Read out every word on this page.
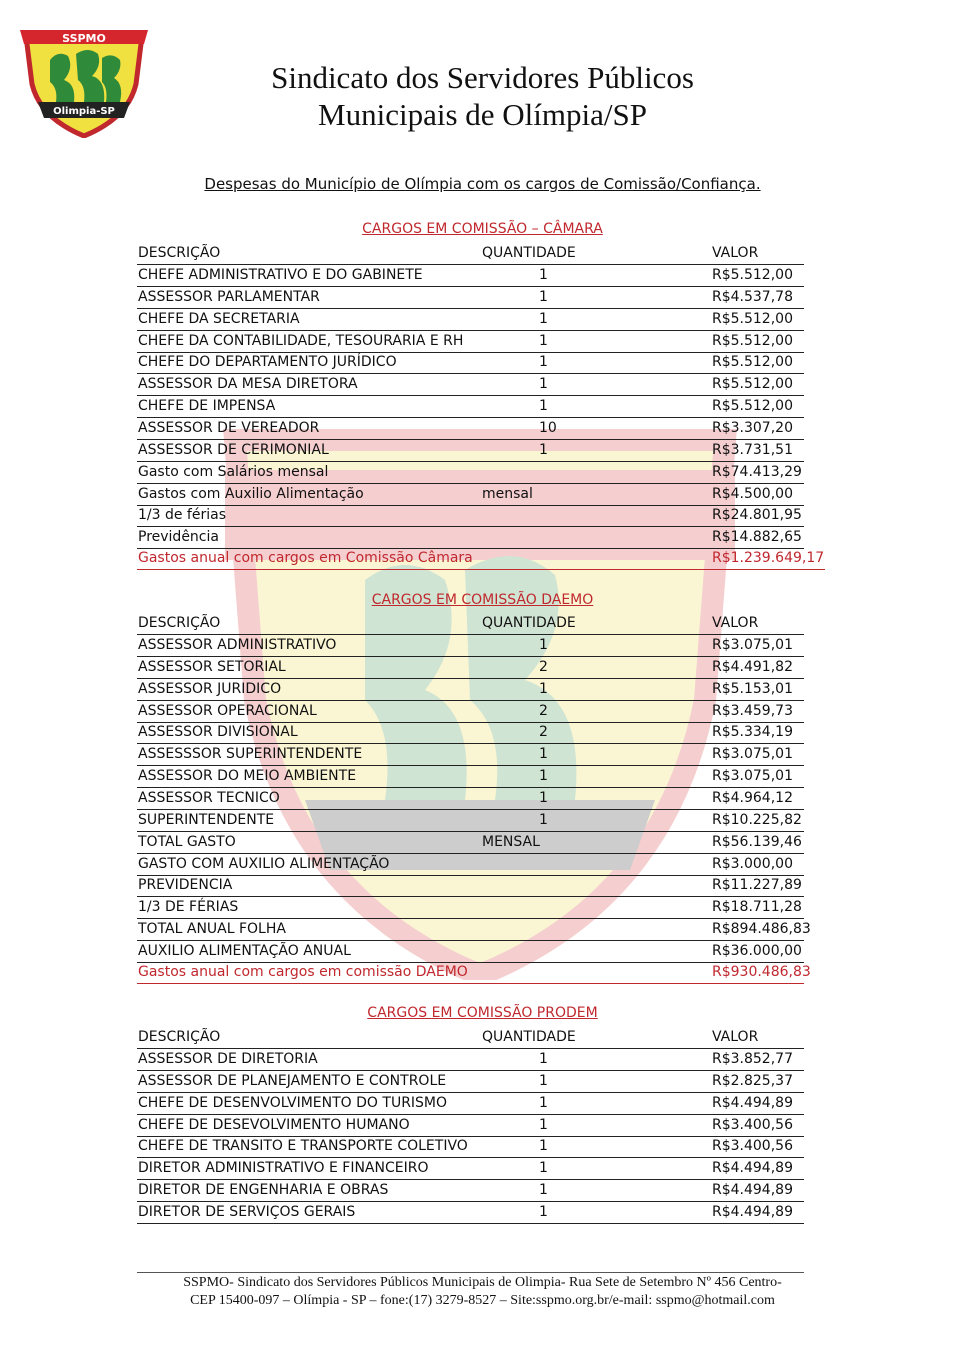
SSPMO
Olimpia-SP
Sindicato dos Servidores Públicos
Municipais de Olímpia/SP
Despesas do Município de Olímpia com os cargos de Comissão/Confiança.
CARGOS EM COMISSÃO – CÂMARA
DESCRIÇÃO	QUANTIDADE	VALOR
CHEFE ADMINISTRATIVO E DO GABINETE	1	R$5.512,00
ASSESSOR PARLAMENTAR	1	R$4.537,78
CHEFE DA SECRETARIA	1	R$5.512,00
CHEFE DA CONTABILIDADE, TESOURARIA E RH	1	R$5.512,00
CHEFE DO DEPARTAMENTO JURÍDICO	1	R$5.512,00
ASSESSOR DA MESA DIRETORA	1	R$5.512,00
CHEFE DE IMPENSA	1	R$5.512,00
ASSESSOR DE VEREADOR	10	R$3.307,20
ASSESSOR DE CERIMONIAL	1	R$3.731,51
Gasto com Salários mensal	R$74.413,29
Gastos com Auxilio Alimentação	mensal	R$4.500,00
1/3 de férias	R$24.801,95
Previdência	R$14.882,65
Gastos anual com cargos em Comissão Câmara	R$1.239.649,17
CARGOS EM COMISSÃO DAEMO
DESCRIÇÃO	QUANTIDADE	VALOR
ASSESSOR ADMINISTRATIVO	1	R$3.075,01
ASSESSOR SETORIAL	2	R$4.491,82
ASSESSOR JURIDICO	1	R$5.153,01
ASSESSOR OPERACIONAL	2	R$3.459,73
ASSESSOR DIVISIONAL	2	R$5.334,19
ASSESSSOR SUPERINTENDENTE	1	R$3.075,01
ASSESSOR DO MEIO AMBIENTE	1	R$3.075,01
ASSESSOR TECNICO	1	R$4.964,12
SUPERINTENDENTE	1	R$10.225,82
TOTAL GASTO	MENSAL	R$56.139,46
GASTO COM AUXILIO ALIMENTAÇÃO	R$3.000,00
PREVIDENCIA	R$11.227,89
1/3 DE FÉRIAS	R$18.711,28
TOTAL ANUAL FOLHA	R$894.486,83
AUXILIO ALIMENTAÇÃO ANUAL	R$36.000,00
Gastos anual com cargos em comissão DAEMO	R$930.486,83
CARGOS EM COMISSÃO PRODEM
DESCRIÇÃO	QUANTIDADE	VALOR
ASSESSOR DE DIRETORIA	1	R$3.852,77
ASSESSOR DE PLANEJAMENTO E CONTROLE	1	R$2.825,37
CHEFE DE DESENVOLVIMENTO DO TURISMO	1	R$4.494,89
CHEFE DE DESEVOLVIMENTO HUMANO	1	R$3.400,56
CHEFE DE TRANSITO E TRANSPORTE COLETIVO	1	R$3.400,56
DIRETOR ADMINISTRATIVO E FINANCEIRO	1	R$4.494,89
DIRETOR DE ENGENHARIA E OBRAS	1	R$4.494,89
DIRETOR DE SERVIÇOS GERAIS	1	R$4.494,89
SSPMO- Sindicato dos Servidores Públicos Municipais de Olimpia- Rua Sete de Setembro Nº 456 Centro-
CEP 15400-097 – Olímpia - SP – fone:(17) 3279-8527 – Site:sspmo.org.br/e-mail: sspmo@hotmail.com
